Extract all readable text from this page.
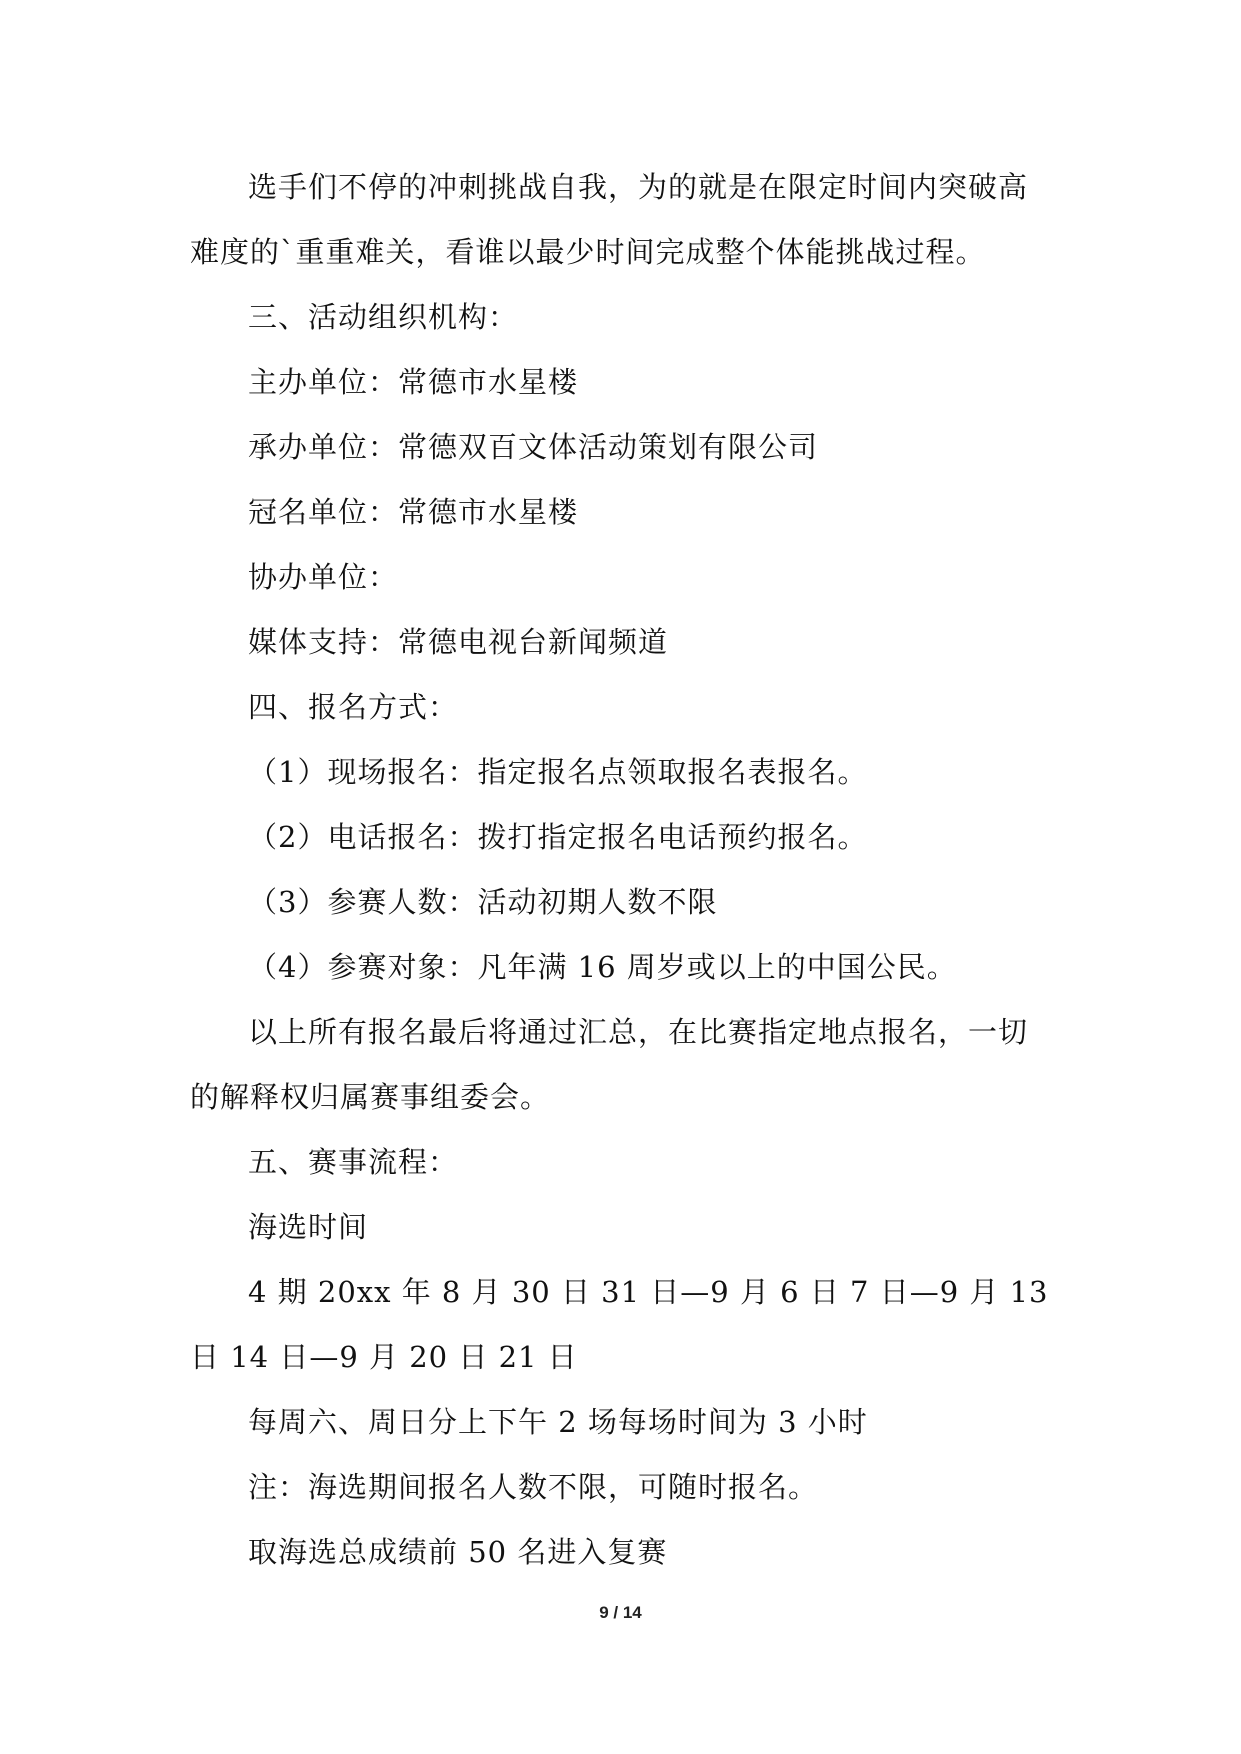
选手们不停的冲刺挑战自我，为的就是在限定时间内突破高难度的`重重难关，看谁以最少时间完成整个体能挑战过程。

三、活动组织机构：

主办单位：常德市水星楼

承办单位：常德双百文体活动策划有限公司

冠名单位：常德市水星楼

协办单位：

媒体支持：常德电视台新闻频道

四、报名方式：

（1）现场报名：指定报名点领取报名表报名。

（2）电话报名：拨打指定报名电话预约报名。

（3）参赛人数：活动初期人数不限

（4）参赛对象：凡年满 16 周岁或以上的中国公民。

以上所有报名最后将通过汇总，在比赛指定地点报名，一切的解释权归属赛事组委会。

五、赛事流程：

海选时间

4 期 20xx 年 8 月 30 日 31 日—9 月 6 日 7 日—9 月 13 日 14 日—9 月 20 日 21 日

每周六、周日分上下午 2 场每场时间为 3 小时

注：海选期间报名人数不限，可随时报名。

取海选总成绩前 50 名进入复赛

9 / 14
